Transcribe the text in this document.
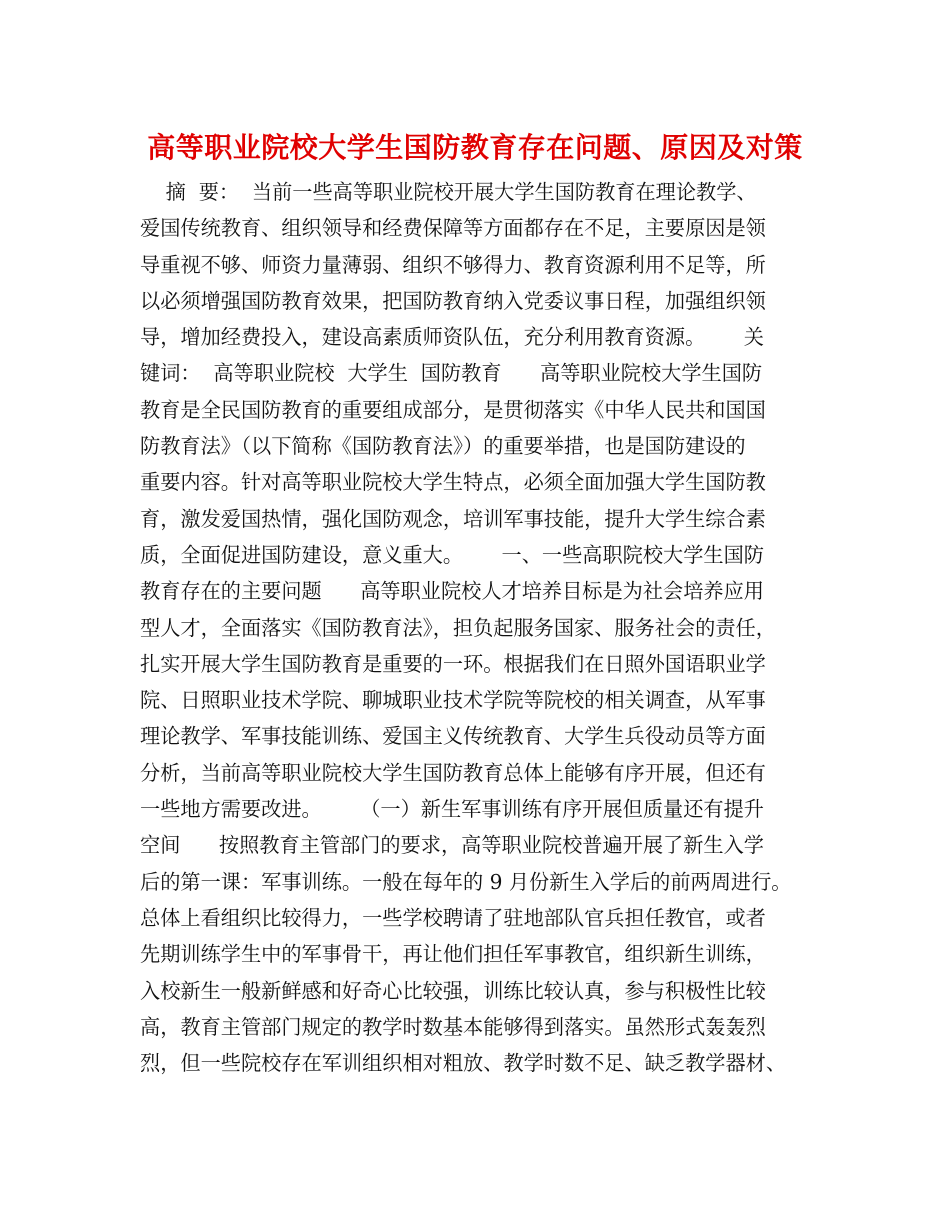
高等职业院校大学生国防教育存在问题、原因及对策
摘  要：  当前一些高等职业院校开展大学生国防教育在理论教学、
爱国传统教育、组织领导和经费保障等方面都存在不足，主要原因是领
导重视不够、师资力量薄弱、组织不够得力、教育资源利用不足等，所
以必须增强国防教育效果，把国防教育纳入党委议事日程，加强组织领
导，增加经费投入，建设高素质师资队伍，充分利用教育资源。      关
键词：  高等职业院校  大学生  国防教育      高等职业院校大学生国防
教育是全民国防教育的重要组成部分，是贯彻落实《中华人民共和国国
防教育法》（以下简称《国防教育法》）的重要举措，也是国防建设的
重要内容。针对高等职业院校大学生特点，必须全面加强大学生国防教
育，激发爱国热情，强化国防观念，培训军事技能，提升大学生综合素
质，全面促进国防建设，意义重大。      一、一些高职院校大学生国防
教育存在的主要问题      高等职业院校人才培养目标是为社会培养应用
型人才，全面落实《国防教育法》，担负起服务国家、服务社会的责任，
扎实开展大学生国防教育是重要的一环。根据我们在日照外国语职业学
院、日照职业技术学院、聊城职业技术学院等院校的相关调查，从军事
理论教学、军事技能训练、爱国主义传统教育、大学生兵役动员等方面
分析，当前高等职业院校大学生国防教育总体上能够有序开展，但还有
一些地方需要改进。      （一）新生军事训练有序开展但质量还有提升
空间      按照教育主管部门的要求，高等职业院校普遍开展了新生入学
后的第一课：军事训练。一般在每年的 9 月份新生入学后的前两周进行。
总体上看组织比较得力，一些学校聘请了驻地部队官兵担任教官，或者
先期训练学生中的军事骨干，再让他们担任军事教官，组织新生训练，
入校新生一般新鲜感和好奇心比较强，训练比较认真，参与积极性比较
高，教育主管部门规定的教学时数基本能够得到落实。虽然形式轰轰烈
烈，但一些院校存在军训组织相对粗放、教学时数不足、缺乏教学器材、
